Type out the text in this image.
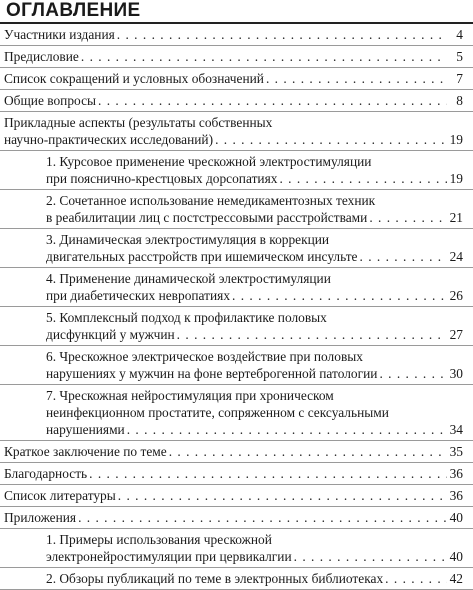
ОГЛАВЛЕНИЕ
Участники издания . . .	4
Предисловие . . .	5
Список сокращений и условных обозначений . . .	7
Общие вопросы . . .	8
Прикладные аспекты (результаты собственных
научно-практических исследований) . . .	19
1. Курсовое применение чрескожной электростимуляции
при пояснично-крестцовых дорсопатиях . . .	19
2. Сочетанное использование немедикаментозных техник
в реабилитации лиц с постстрессовыми расстройствами . . .	21
3. Динамическая электростимуляция в коррекции
двигательных расстройств при ишемическом инсульте . . .	24
4. Применение динамической электростимуляции
при диабетических невропатиях . . .	26
5. Комплексный подход к профилактике половых
дисфункций у мужчин . . .	27
6. Чрескожное электрическое воздействие при половых
нарушениях у мужчин на фоне вертеброгенной патологии . . .	30
7. Чрескожная нейростимуляция при хроническом
неинфекционном простатите, сопряженном с сексуальными
нарушениями . . .	34
Краткое заключение по теме . . .	35
Благодарность . . .	36
Список литературы . . .	36
Приложения . . .	40
1. Примеры использования чрескожной
электронейростимуляции при цервикалгии . . .	40
2. Обзоры публикаций по теме в электронных библиотеках . . .	42
